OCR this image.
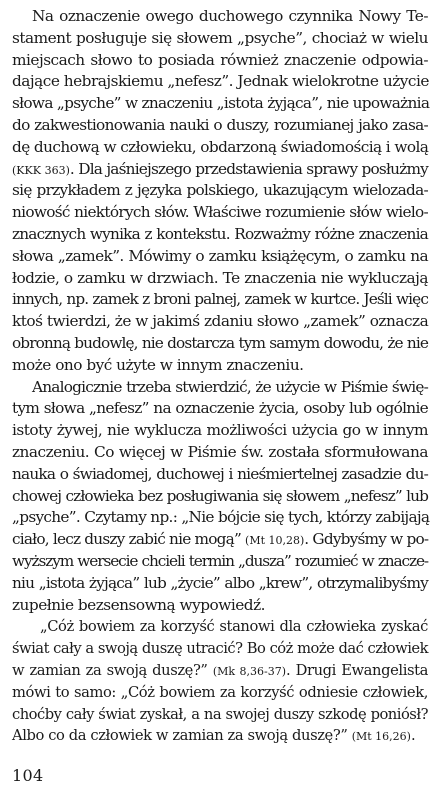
Na oznaczenie owego duchowego czynnika Nowy Te-
stament posługuje się słowem „psyche”, chociaż w wielu
miejscach słowo to posiada również znaczenie odpowia-
dające hebrajskiemu „nefesz”. Jednak wielokrotne użycie
słowa „psyche” w znaczeniu „istota żyjąca”, nie upoważnia
do zakwestionowania nauki o duszy, rozumianej jako zasa-
dę duchową w człowieku, obdarzoną świadomością i wolą
(KKK 363). Dla jaśniejszego przedstawienia sprawy posłużmy
się przykładem z języka polskiego, ukazującym wielozada-
niowość niektórych słów. Właściwe rozumienie słów wielo-
znacznych wynika z kontekstu. Rozważmy różne znaczenia
słowa „zamek”. Mówimy o zamku książęcym, o zamku na
łodzie, o zamku w drzwiach. Te znaczenia nie wykluczają
innych, np. zamek z broni palnej, zamek w kurtce. Jeśli więc
ktoś twierdzi, że w jakimś zdaniu słowo „zamek” oznacza
obronną budowlę, nie dostarcza tym samym dowodu, że nie
może ono być użyte w innym znaczeniu.
Analogicznie trzeba stwierdzić, że użycie w Piśmie świę-
tym słowa „nefesz” na oznaczenie życia, osoby lub ogólnie
istoty żywej, nie wyklucza możliwości użycia go w innym
znaczeniu. Co więcej w Piśmie św. została sformułowana
nauka o świadomej, duchowej i nieśmiertelnej zasadzie du-
chowej człowieka bez posługiwania się słowem „nefesz” lub
„psyche”. Czytamy np.: „Nie bójcie się tych, którzy zabijają
ciało, lecz duszy zabić nie mogą” (Mt 10,28). Gdybyśmy w po-
wyższym wersecie chcieli termin „dusza” rozumieć w znacze-
niu „istota żyjąca” lub „życie” albo „krew”, otrzymalibyśmy
zupełnie bezsensowną wypowiedź.
„Cóż bowiem za korzyść stanowi dla człowieka zyskać
świat cały a swoją duszę utracić? Bo cóż może dać człowiek
w zamian za swoją duszę?” (Mk 8,36-37). Drugi Ewangelista
mówi to samo: „Cóż bowiem za korzyść odniesie człowiek,
choćby cały świat zyskał, a na swojej duszy szkodę poniósł?
Albo co da człowiek w zamian za swoją duszę?” (Mt 16,26).
104
